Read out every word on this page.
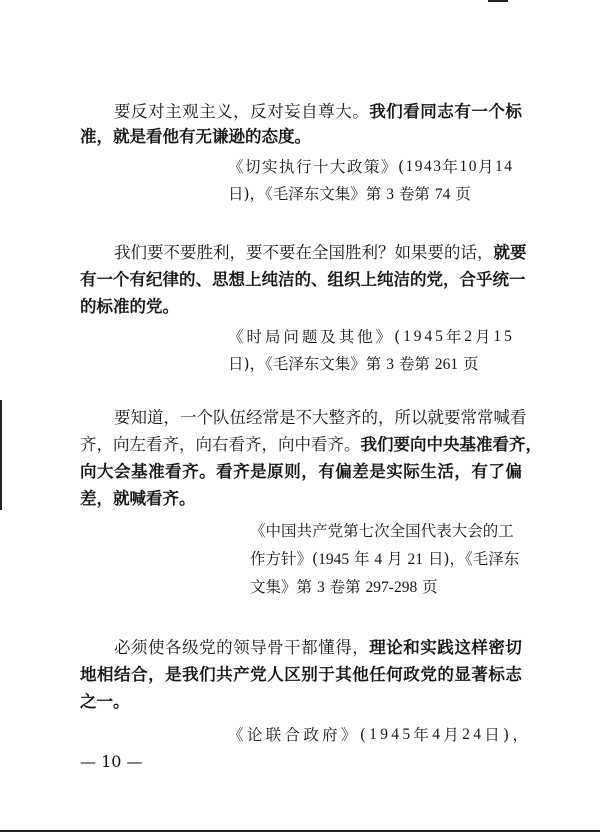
要 反 对 主 观 主 义 ， 反 对 妄 自 尊 大 。 我 们 看 同 志 有 一 个 标
准，就是看他有无谦逊的态度。
《 切 实 执 行 十 大 政 策 》 ( 1 9 4 3 年 1 0 月 1 4
日)，《毛泽东文集》第 3 卷第 74 页
我 们 要 不 要 胜 利 ， 要 不 要 在 全 国 胜 利 ？ 如 果 要 的 话 ， 就 要
有 一 个 有 纪 律 的 、 思 想 上 纯 洁 的 、 组 织 上 纯 洁 的 党 ， 合 乎 统 一
的标准的党。
《 时 局 问 题 及 其 他 》 ( 1 9 4 5 年 2 月 1 5
日)，《毛泽东文集》第 3 卷第 261 页
要 知 道 ， 一 个 队 伍 经 常 是 不 大 整 齐 的 ， 所 以 就 要 常 常 喊 看
齐 ， 向 左 看 齐 ， 向 右 看 齐 ， 向 中 看 齐 。 我 们 要 向 中 央 基 准 看 齐 ，
向 大 会 基 准 看 齐 。 看 齐 是 原 则 ， 有 偏 差 是 实 际 生 活 ， 有 了 偏
差，就喊看齐。
《 中 国 共 产 党 第 七 次 全 国 代 表 大 会 的 工
作方针》(1945 年 4 月 21 日)，《毛泽东
文集》第 3 卷第 297-298 页
必 须 使 各 级 党 的 领 导 骨 干 都 懂 得 ， 理 论 和 实 践 这 样 密 切
地 相 结 合 ， 是 我 们 共 产 党 人 区 别 于 其 他 任 何 政 党 的 显 著 标 志
之一。
《 论 联 合 政 府 》 ( 1 9 4 5 年 4 月 2 4 日 ) ，
— 10 —
